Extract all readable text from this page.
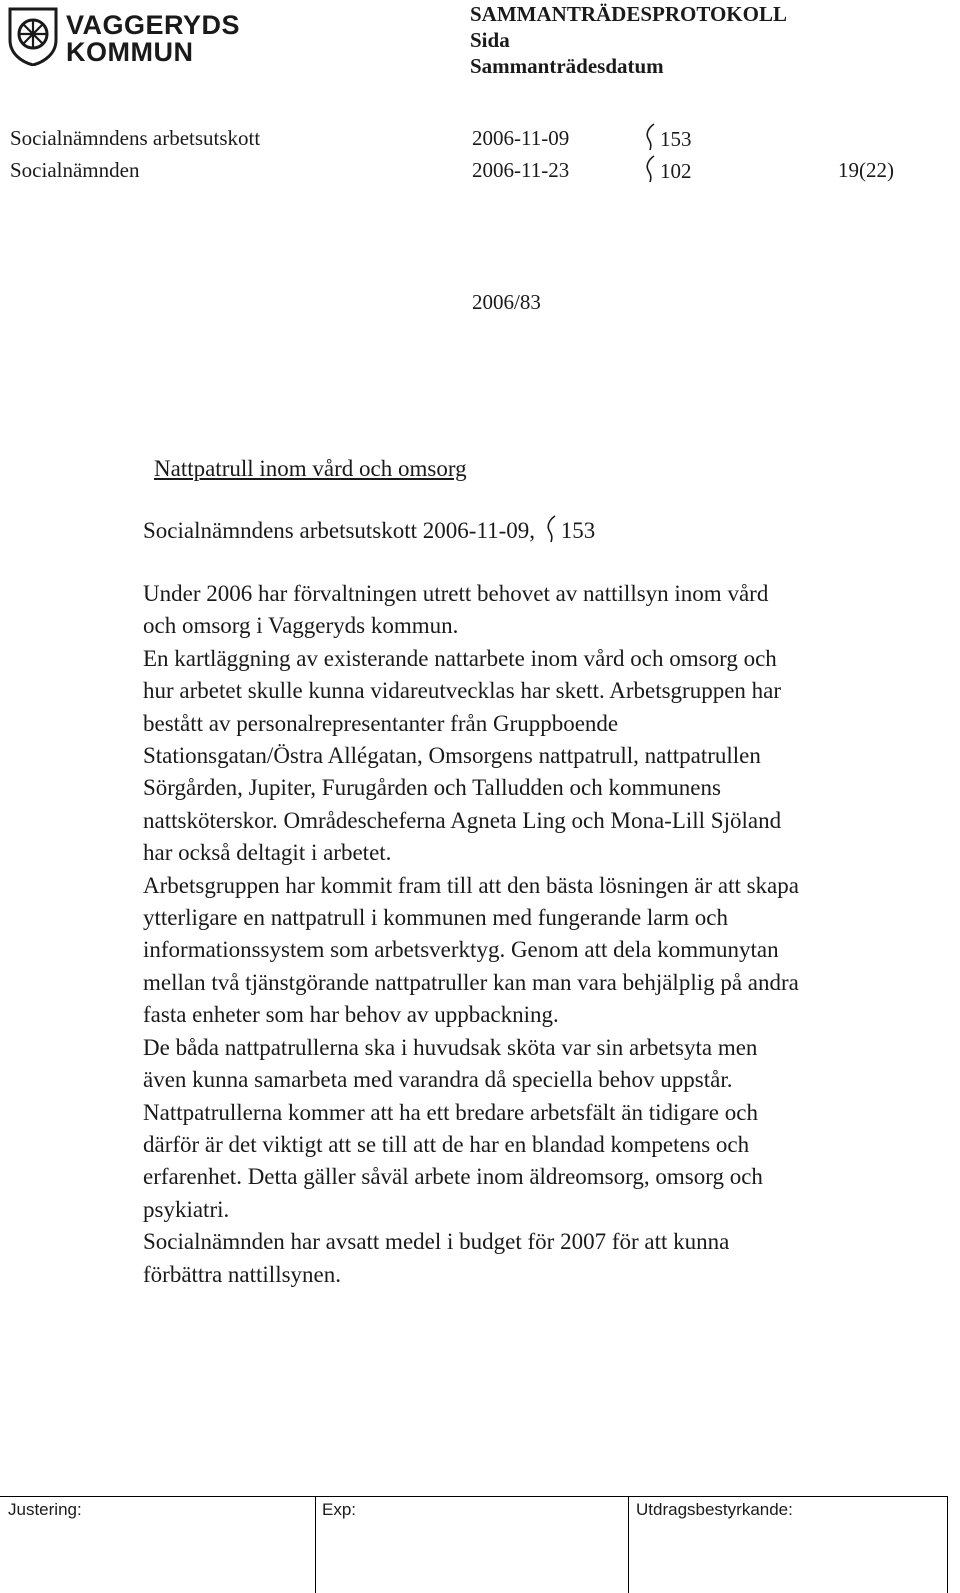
VAGGERYDS
KOMMUN
SAMMANTRÄDESPROTOKOLL
Sida
Sammanträdesdatum
Socialnämndens arbetsutskott	2006-11-09	153
Socialnämnden	2006-11-23	102	19(22)
2006/83
Nattpatrull inom vård och omsorg
Socialnämndens arbetsutskott 2006-11-09, 153

Under 2006 har förvaltningen utrett behovet av nattillsyn inom vård

och omsorg i Vaggeryds kommun.

En kartläggning av existerande nattarbete inom vård och omsorg och

hur arbetet skulle kunna vidareutvecklas har skett. Arbetsgruppen har

bestått av personalrepresentanter från Gruppboende

Stationsgatan/Östra Allégatan, Omsorgens nattpatrull, nattpatrullen

Sörgården, Jupiter, Furugården och Talludden och kommunens

nattsköterskor. Områdescheferna Agneta Ling och Mona-Lill Sjöland

har också deltagit i arbetet.

Arbetsgruppen har kommit fram till att den bästa lösningen är att skapa

ytterligare en nattpatrull i kommunen med fungerande larm och

informationssystem som arbetsverktyg. Genom att dela kommunytan

mellan två tjänstgörande nattpatruller kan man vara behjälplig på andra

fasta enheter som har behov av uppbackning.

De båda nattpatrullerna ska i huvudsak sköta var sin arbetsyta men

även kunna samarbeta med varandra då speciella behov uppstår.

Nattpatrullerna kommer att ha ett bredare arbetsfält än tidigare och

därför är det viktigt att se till att de har en blandad kompetens och

erfarenhet. Detta gäller såväl arbete inom äldreomsorg, omsorg och

psykiatri.

Socialnämnden har avsatt medel i budget för 2007 för att kunna

förbättra nattillsynen.

Justering:	Exp:	Utdragsbestyrkande:
